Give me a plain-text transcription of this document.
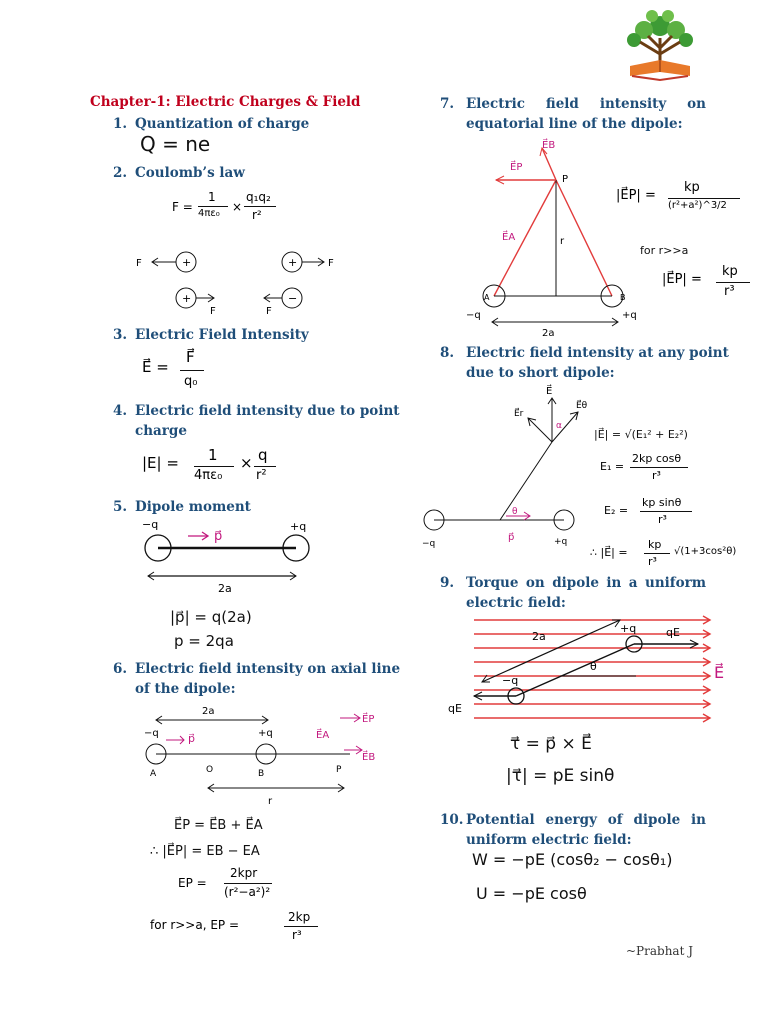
Chapter-1: Electric Charges & Field
1. Quantization of charge
Q = ne
2. Coulomb’s law
F =
1
4πε₀ ×
q₁q₂
r²
+
F	+	F
+
F
−
F
3. Electric Field Intensity
E⃗ =
F⃗
q₀
4. Electric field intensity due to point
charge
|E| = 1
4πε₀
× q
r²
5. Dipole moment
−q	+q
p⃗
2a
|p⃗| = q(2a)
p = 2qa
6. Electric field intensity on axial line
of the dipole:
2a
−q	+q
p⃗
A	O	B	P
r
E⃗A
E⃗P
E⃗B
E⃗P = E⃗B + E⃗A
∴ |E⃗P| = EB − EA
EP =
2kpr
(r²−a²)²
for r>>a, EP =
2kp
r³
7. Electric field intensity on
equatorial line of the dipole:
E⃗B
E⃗P
E⃗A
P
r
A	B
−q	+q
2a
|E⃗P| =
kp
(r²+a²)^3/2
for r>>a
|E⃗P| =
kp
r³
8. Electric field intensity at any point
due to short dipole:
E⃗
E⃗r
E⃗θ
α
θ
p⃗
−q	+q
|E⃗| = √(E₁² + E₂²)
E₁ =
2kp cosθ
r³
E₂ =
kp sinθ
r³
∴ |E⃗| =
kp
r³
√(1+3cos²θ)
9. Torque on dipole in a uniform
electric field:
2a
+q	qE
θ
−q
qE
E⃗
τ⃗ = p⃗ × E⃗
|τ⃗| = pE sinθ
10. Potential energy of dipole in
uniform electric field:
W = −pE (cosθ₂ − cosθ₁)
U = −pE cosθ
~Prabhat J
